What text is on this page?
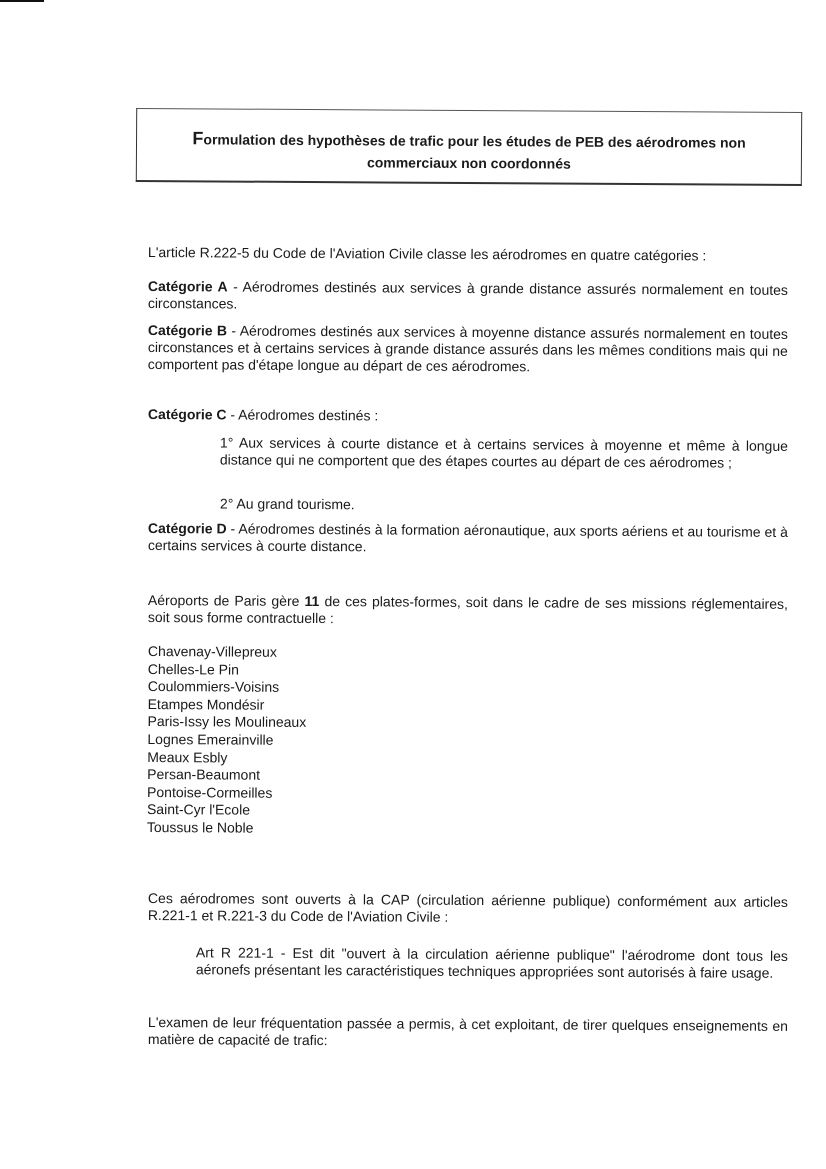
Formulation des hypothèses de trafic pour les études de PEB des aérodromes non
commerciaux non coordonnés

L'article R.222-5 du Code de l'Aviation Civile classe les aérodromes en quatre catégories :

Catégorie A - Aérodromes destinés aux services à grande distance assurés normalement en toutes circonstances.

Catégorie B - Aérodromes destinés aux services à moyenne distance assurés normalement en toutes circonstances et à certains services à grande distance assurés dans les mêmes conditions mais qui ne comportent pas d'étape longue au départ de ces aérodromes.

Catégorie C - Aérodromes destinés :

1° Aux services à courte distance et à certains services à moyenne et même à longue distance qui ne comportent que des étapes courtes au départ de ces aérodromes ;

2° Au grand tourisme.

Catégorie D - Aérodromes destinés à la formation aéronautique, aux sports aériens et au tourisme et à certains services à courte distance.

Aéroports de Paris gère 11 de ces plates-formes, soit dans le cadre de ses missions réglementaires, soit sous forme contractuelle :

Chavenay-Villepreux
Chelles-Le Pin
Coulommiers-Voisins
Etampes Mondésir
Paris-Issy les Moulineaux
Lognes Emerainville
Meaux Esbly
Persan-Beaumont
Pontoise-Cormeilles
Saint-Cyr l'Ecole
Toussus le Noble

Ces aérodromes sont ouverts à la CAP (circulation aérienne publique) conformément aux articles R.221-1 et R.221-3 du Code de l'Aviation Civile :

Art R 221-1 - Est dit "ouvert à la circulation aérienne publique" l'aérodrome dont tous les aéronefs présentant les caractéristiques techniques appropriées sont autorisés à faire usage.

L'examen de leur fréquentation passée a permis, à cet exploitant, de tirer quelques enseignements en matière de capacité de trafic:
